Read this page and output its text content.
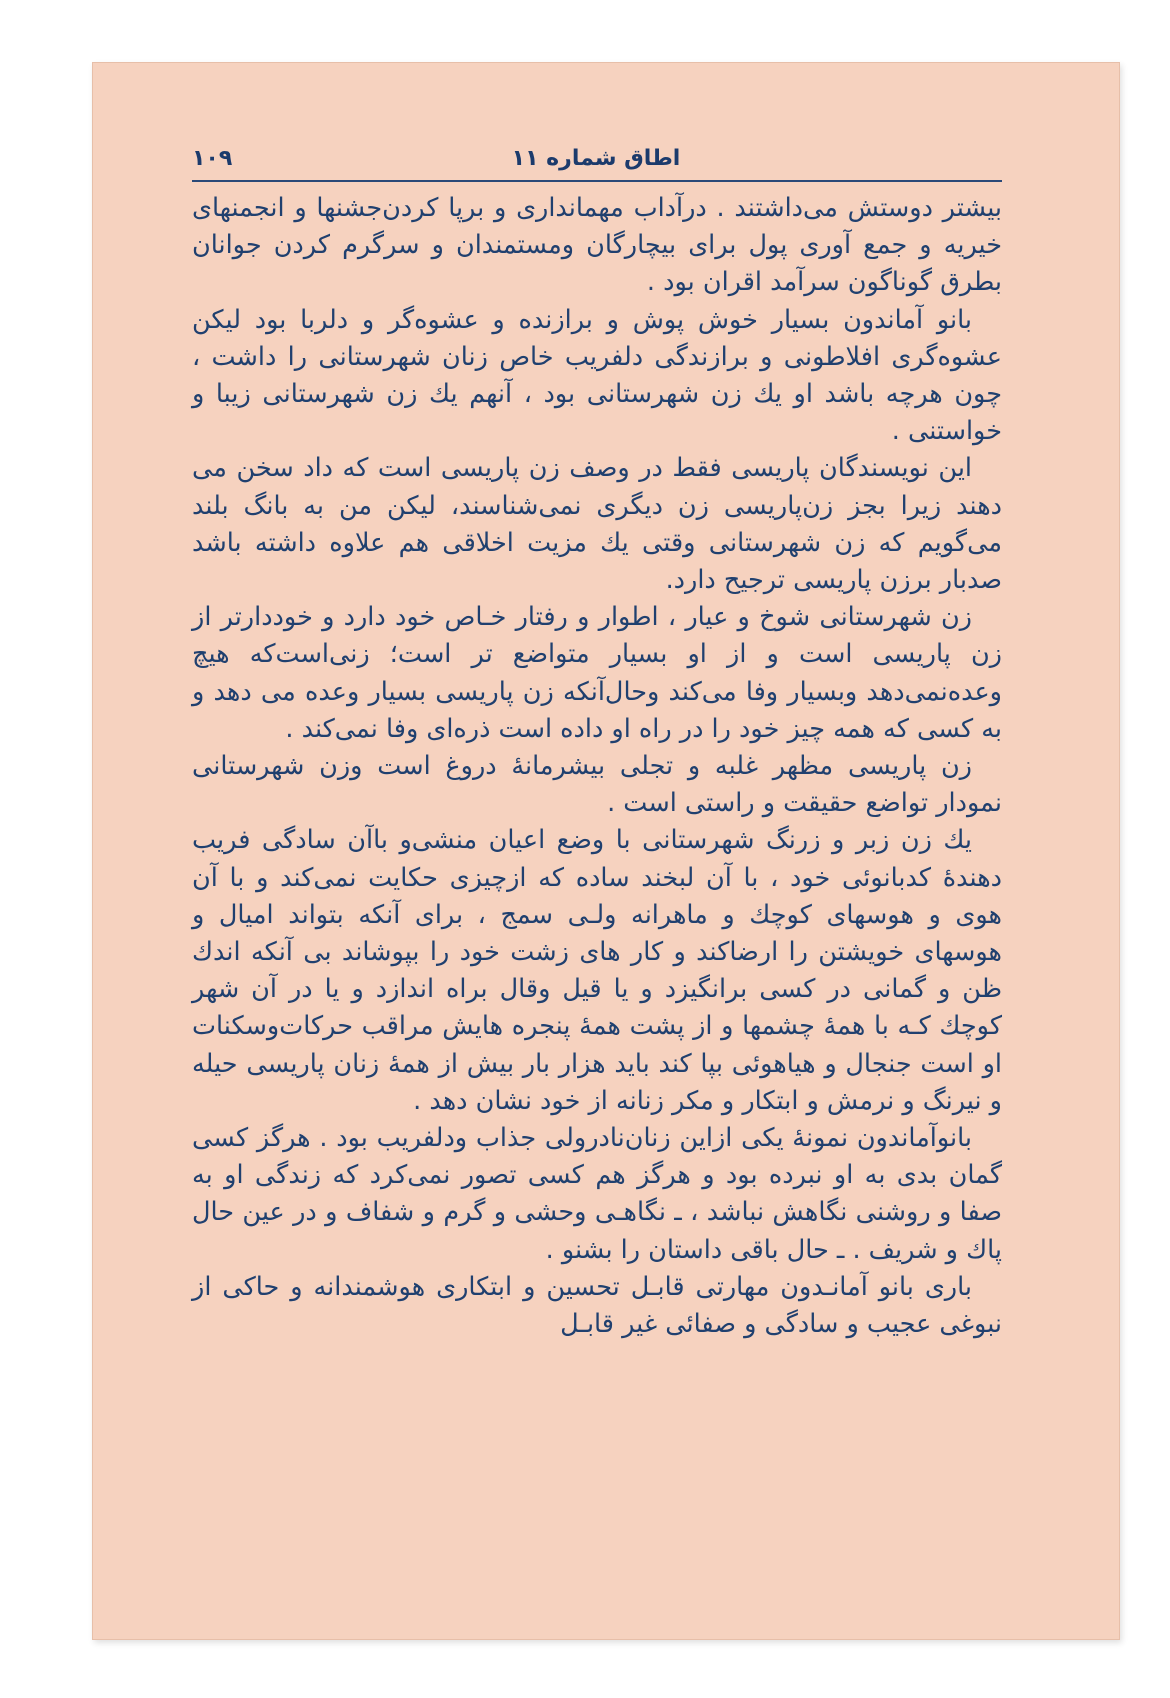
اطاق شماره ۱۱
۱۰۹

بیشتر دوستش می‌داشتند . درآداب مهمانداری و برپا کردن‌جشنها و انجمنهای خیریه و جمع آوری پول برای بیچارگان ومستمندان و سرگرم کردن جوانان بطرق گوناگون سرآمد اقران بود .

بانو آماندون بسیار خوش پوش و برازنده و عشوه‌گر و دلربا بود لیکن عشوه‌گری افلاطونی و برازندگی دلفریب خاص زنان شهرستانی را داشت ، چون هرچه باشد او یك زن شهرستانی بود ، آنهم یك زن شهرستانی زیبا و خواستنی .

این نویسندگان پاریسی فقط در وصف زن پاریسی است که داد سخن می دهند زیرا بجز زن‌پاریسی زن دیگری نمی‌شناسند، لیکن من به بانگ بلند می‌گویم که زن شهرستانی وقتی یك مزیت اخلاقی هم علاوه داشته باشد صدبار برزن پاریسی ترجیح دارد.

زن شهرستانی شوخ و عیار ، اطوار و رفتار خـاص خود دارد و خوددارتر از زن پاریسی است و از او بسیار متواضع تر است؛ زنی‌است‌که هیچ وعده‌نمی‌دهد وبسیار وفا می‌کند وحال‌آنکه زن پاریسی بسیار وعده می دهد و به کسی که همه چیز خود را در راه او داده است ذره‌ای وفا نمی‌کند .

زن پاریسی مظهر غلبه و تجلی بیشرمانهٔ دروغ است وزن شهرستانی نمودار تواضع حقیقت و راستی است .

یك زن زبر و زرنگ شهرستانی با وضع اعیان منشی‌و باآن سادگی فریب دهندهٔ کدبانوئی خود ، با آن لبخند ساده که ازچیزی حکایت نمی‌کند و با آن هوی و هوسهای کوچك و ماهرانه ولـی سمج ، برای آنکه بتواند امیال و هوسهای خویشتن را ارضاکند و کار های زشت خود را بپوشاند بی آنکه اندك ظن و گمانی در کسی برانگیزد و یا قیل وقال براه اندازد و یا در آن شهر کوچك کـه با همهٔ چشمها و از پشت همهٔ پنجره هایش مراقب حرکات‌وسکنات او است جنجال و هیاهوئی بپا کند باید هزار بار بیش از همهٔ زنان پاریسی حیله و نیرنگ و نرمش و ابتکار و مکر زنانه از خود نشان دهد .

بانوآماندون نمونهٔ یکی ازاین زنان‌نادرولی جذاب ودلفریب بود . هرگز کسی گمان بدی به او نبرده بود و هرگز هم کسی تصور نمی‌کرد که زندگی او به صفا و روشنی نگاهش نباشد ، ـ نگاهـی وحشی‌ و گرم و شفاف و در عین حال پاك و شریف . ـ حال باقی داستان را بشنو .

باری بانو آمانـدون مهارتی قابـل تحسین و ابتکاری هوشمندانه و حاکی از نبوغی عجیب و سادگی و صفائی غیر قابـل
